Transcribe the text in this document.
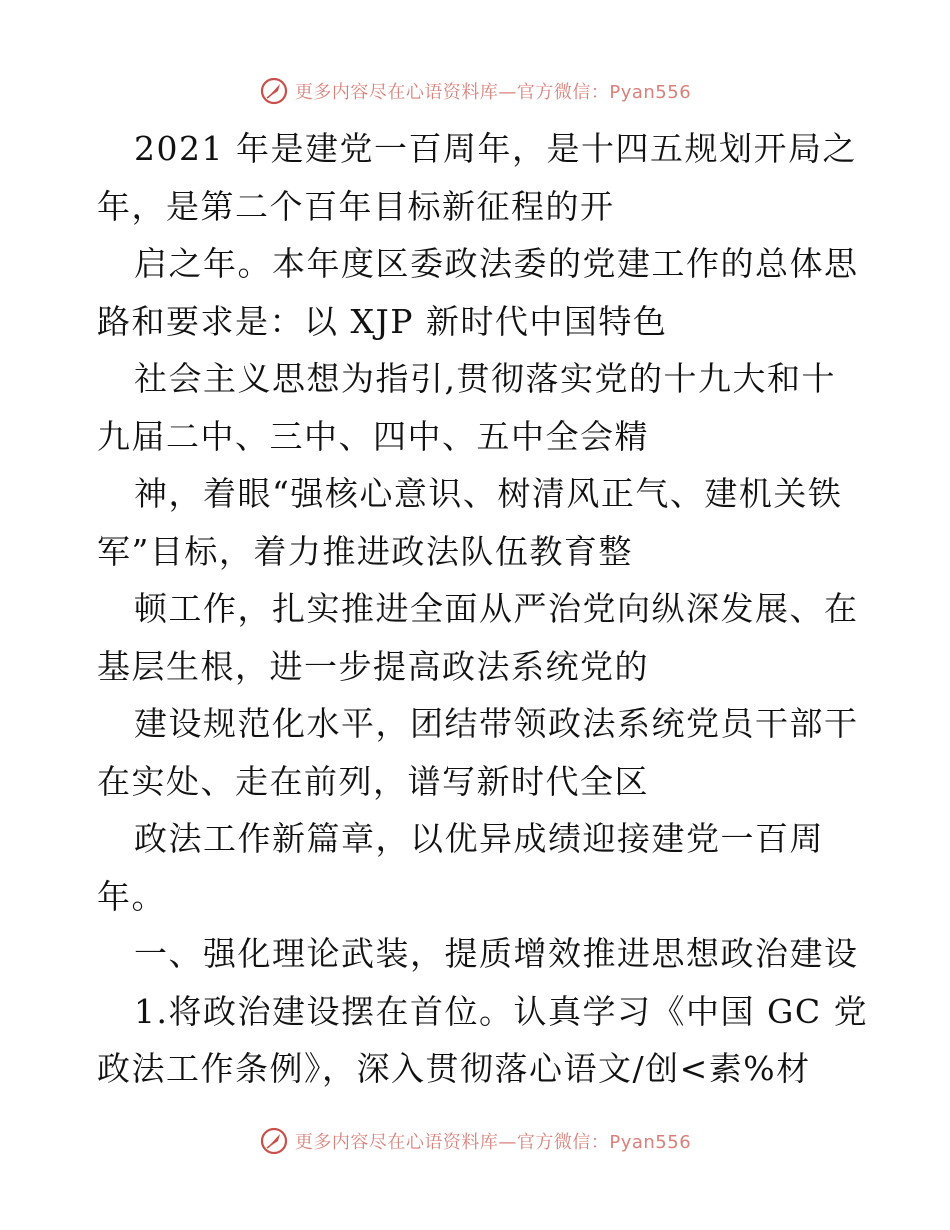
更多内容尽在心语资料库—官方微信：Pyan556
2021 年是建党一百周年，是十四五规划开局之
年，是第二个百年目标新征程的开
启之年。本年度区委政法委的党建工作的总体思
路和要求是：以 XJP 新时代中国特色
社会主义思想为指引,贯彻落实党的十九大和十
九届二中、三中、四中、五中全会精
神，着眼“强核心意识、树清风正气、建机关铁
军”目标，着力推进政法队伍教育整
顿工作，扎实推进全面从严治党向纵深发展、在
基层生根，进一步提高政法系统党的
建设规范化水平，团结带领政法系统党员干部干
在实处、走在前列，谱写新时代全区
政法工作新篇章，以优异成绩迎接建党一百周
年。
一、强化理论武装，提质增效推进思想政治建设
1.将政治建设摆在首位。认真学习《中国 GC 党
政法工作条例》，深入贯彻落心语文/创<素%材
更多内容尽在心语资料库—官方微信：Pyan556
